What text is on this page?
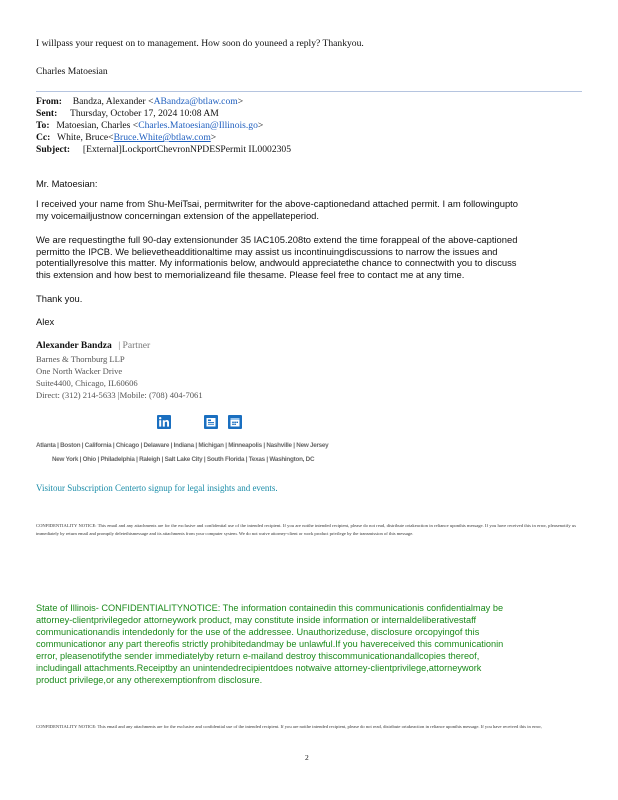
I willpass your request on to management. How soon do youneed a reply? Thankyou.
Charles Matoesian
From: Bandza, Alexander <ABandza@btlaw.com>
Sent: Thursday, October 17, 2024 10:08 AM
To: Matoesian, Charles <Charles.Matoesian@Illinois.go>
Cc: White, Bruce<Bruce.White@btlaw.com>
Subject: [External]LockportChevronNPDESPermit IL0002305
Mr. Matoesian:
I received your name from Shu-MeiTsai, permitwriter for the above-captionedand attached permit. I am followingupto
my voicemailjustnow concerningan extension of the appellateperiod.
We are requestingthe full 90-day extensionunder 35 IAC105.208to extend the time forappeal of the above-captioned
permitto the IPCB. We believetheadditionaltime may assist us incontinuingdiscussions to narrow the issues and
potentiallyresolve this matter. My informationis below, andwould appreciatethe chance to connectwith you to discuss
this extension and how best to memorializeand file thesame. Please feel free to contact me at any time.
Thank you.
Alex
Alexander Bandza | Partner
Barnes & Thornburg LLP
One North Wacker Drive
Suite4400, Chicago, IL60606
Direct: (312) 214-5633 |Mobile: (708) 404-7061
Atlanta | Boston | California | Chicago | Delaware | Indiana | Michigan | Minneapolis | Nashville | New Jersey
New York | Ohio | Philadelphia | Raleigh | Salt Lake City | South Florida | Texas | Washington, DC
Visitour Subscription Centerto signup for legal insights and events.
CONFIDENTIALITY NOTICE: This email and any attachments are for the exclusive and confidential use of the intended recipient. If you are notthe intended recipient, please do not read, distribute ortakeaction in reliance uponthis message. If you have received this in error, pleasenotify us immediately by return email and promptly deletethismessage and its attachments from your computer system. We do not waive attorney-client or work product privilege by the transmission of this message.
State of Illinois- CONFIDENTIALITYNOTICE: The information containedin this communicationis confidentialmay be
attorney-clientprivilegedor attorneywork product, may constitute inside information or internaldeliberativestaff
communicationandis intendedonly for the use of the addressee. Unauthorizeduse, disclosure orcopyingof this
communicationor any part thereofis strictly prohibitedandmay be unlawful.If you havereceived this communicationin
error, pleasenotifythe sender immediatelyby return e-mailand destroy thiscommunicationandallcopies thereof,
includingall attachments.Receiptby an unintendedrecipientdoes notwaive attorney-clientprivilege,attorneywork
product privilege,or any otherexemptionfrom disclosure.
CONFIDENTIALITY NOTICE: This email and any attachments are for the exclusive and confidential use of the intended recipient. If you are notthe intended recipient, please do not read, distribute ortakeaction in reliance uponthis message. If you have received this in error,
2
